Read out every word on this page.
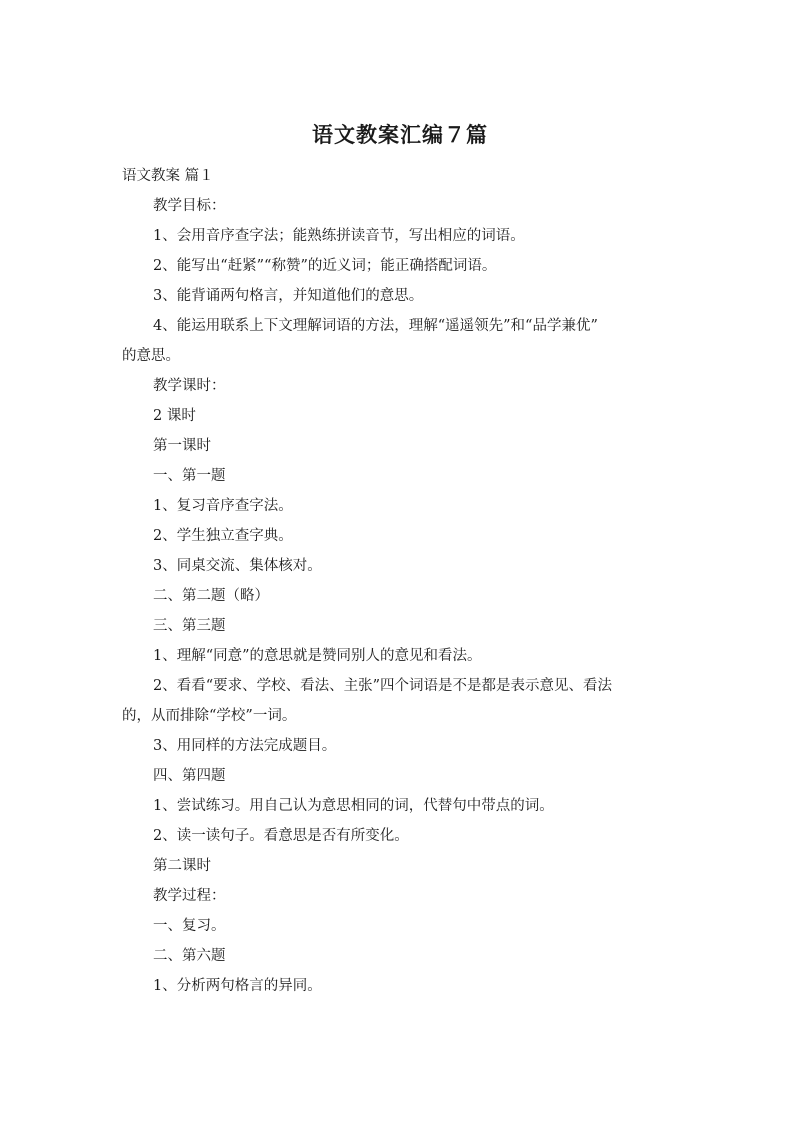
语文教案汇编７篇

语文教案 篇１

教学目标：

1、会用音序查字法；能熟练拼读音节，写出相应的词语。

2、能写出“赶紧”“称赞”的近义词；能正确搭配词语。

3、能背诵两句格言，并知道他们的意思。

4、能运用联系上下文理解词语的方法，理解“遥遥领先”和“品学兼优”

的意思。

教学课时：

2 课时

第一课时

一、第一题

1、复习音序查字法。

2、学生独立查字典。

3、同桌交流、集体核对。

二、第二题（略）

三、第三题

1、理解“同意”的意思就是赞同别人的意见和看法。

2、看看“要求、学校、看法、主张”四个词语是不是都是表示意见、看法

的，从而排除“学校”一词。

3、用同样的方法完成题目。

四、第四题

1、尝试练习。用自己认为意思相同的词，代替句中带点的词。

2、读一读句子。看意思是否有所变化。

第二课时

教学过程：

一、复习。

二、第六题

1、分析两句格言的异同。
